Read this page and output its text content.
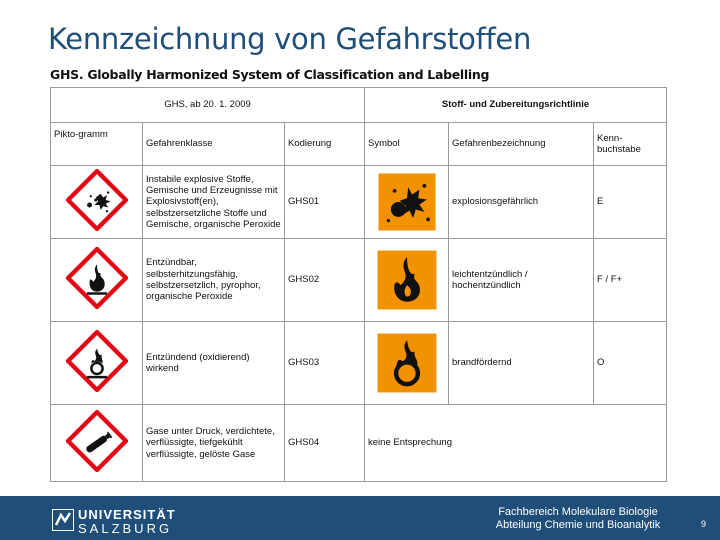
Kennzeichnung von Gefahrstoffen
GHS. Globally Harmonized System of Classification and Labelling
GHS, ab 20. 1. 2009			Stoff- und Zubereitungsrichtlinie		
Pikto-gramm	Gefahrenklasse	Kodierung	Symbol	Gefahrenbezeichnung	Kenn-buchstabe
	Instabile explosive Stoffe, Gemische und Erzeugnisse mit Explosivstoff(en), selbstzersetzliche Stoffe und Gemische, organische Peroxide	GHS01		explosionsgefährlich	E
	Entzündbar, selbsterhitzungsfähig, selbstzersetzlich, pyrophor, organische Peroxide	GHS02		leichtentzündlich / hochentzündlich	F / F+
	Entzündend (oxidierend) wirkend	GHS03		brandfördernd	O
	Gase unter Druck, verdichtete, verflüssigte, tiefgekühlt verflüssigte, gelöste Gase	GHS04	keine Entsprechung		
UNIVERSITÄT
SALZBURG
Fachbereich Molekulare Biologie
Abteilung Chemie und Bioanalytik	9
